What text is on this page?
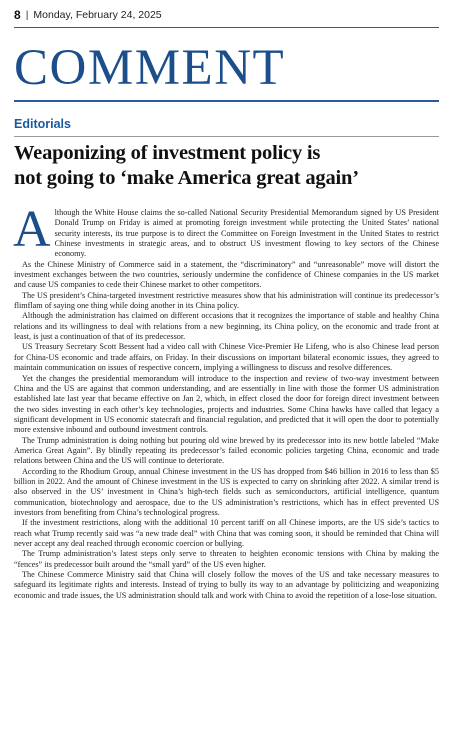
8 | Monday, February 24, 2025
COMMENT
Editorials
Weaponizing of investment policy is
not going to ‘make America great again’

Although the White House claims the so-called National Security Presidential Memorandum signed by US President Donald Trump on Friday is aimed at promoting foreign investment while protecting the United States’ national security interests, its true purpose is to direct the Committee on Foreign Investment in the United States to restrict Chinese investments in strategic areas, and to obstruct US investment flowing to key sectors of the Chinese economy.

As the Chinese Ministry of Commerce said in a statement, the “discriminatory” and “unreasonable” move will distort the investment exchanges between the two countries, seriously undermine the confidence of Chinese companies in the US market and cause US companies to cede their Chinese market to other competitors.

The US president’s China-targeted investment restrictive measures show that his administration will continue its predecessor’s flimflam of saying one thing while doing another in its China policy.

Although the administration has claimed on different occasions that it recognizes the importance of stable and healthy China relations and its willingness to deal with relations from a new beginning, its China policy, on the economic and trade front at least, is just a continuation of that of its predecessor.

US Treasury Secretary Scott Bessent had a video call with Chinese Vice-Premier He Lifeng, who is also Chinese lead person for China-US economic and trade affairs, on Friday. In their discussions on important bilateral economic issues, they agreed to maintain communication on issues of respective concern, implying a willingness to discuss and resolve differences.

Yet the changes the presidential memorandum will introduce to the inspection and review of two-way investment between China and the US are against that common understanding, and are essentially in line with those the former US administration established late last year that became effective on Jan 2, which, in effect closed the door for foreign direct investment between the two sides investing in each other’s key technologies, projects and industries. Some China hawks have called that legacy a significant development in US economic statecraft and financial regulation, and predicted that it will open the door to potentially more extensive inbound and outbound investment controls.

The Trump administration is doing nothing but pouring old wine brewed by its predecessor into its new bottle labeled “Make America Great Again”. By blindly repeating its predecessor’s failed economic policies targeting China, economic and trade relations between China and the US will continue to deteriorate.

According to the Rhodium Group, annual Chinese investment in the US has dropped from $46 billion in 2016 to less than $5 billion in 2022. And the amount of Chinese investment in the US is expected to carry on shrinking after 2022. A similar trend is also observed in the US’ investment in China’s high-tech fields such as semiconductors, artificial intelligence, quantum communication, biotechnology and aerospace, due to the US administration’s restrictions, which has in effect prevented US investors from benefiting from China’s technological progress.

If the investment restrictions, along with the additional 10 percent tariff on all Chinese imports, are the US side’s tactics to reach what Trump recently said was “a new trade deal” with China that was coming soon, it should be reminded that China will never accept any deal reached through economic coercion or bullying.

The Trump administration’s latest steps only serve to threaten to heighten economic tensions with China by making the “fences” its predecessor built around the “small yard” of the US even higher.

The Chinese Commerce Ministry said that China will closely follow the moves of the US and take necessary measures to safeguard its legitimate rights and interests. Instead of trying to bully its way to an advantage by politicizing and weaponizing economic and trade issues, the US administration should talk and work with China to avoid the repetition of a lose-lose situation.
